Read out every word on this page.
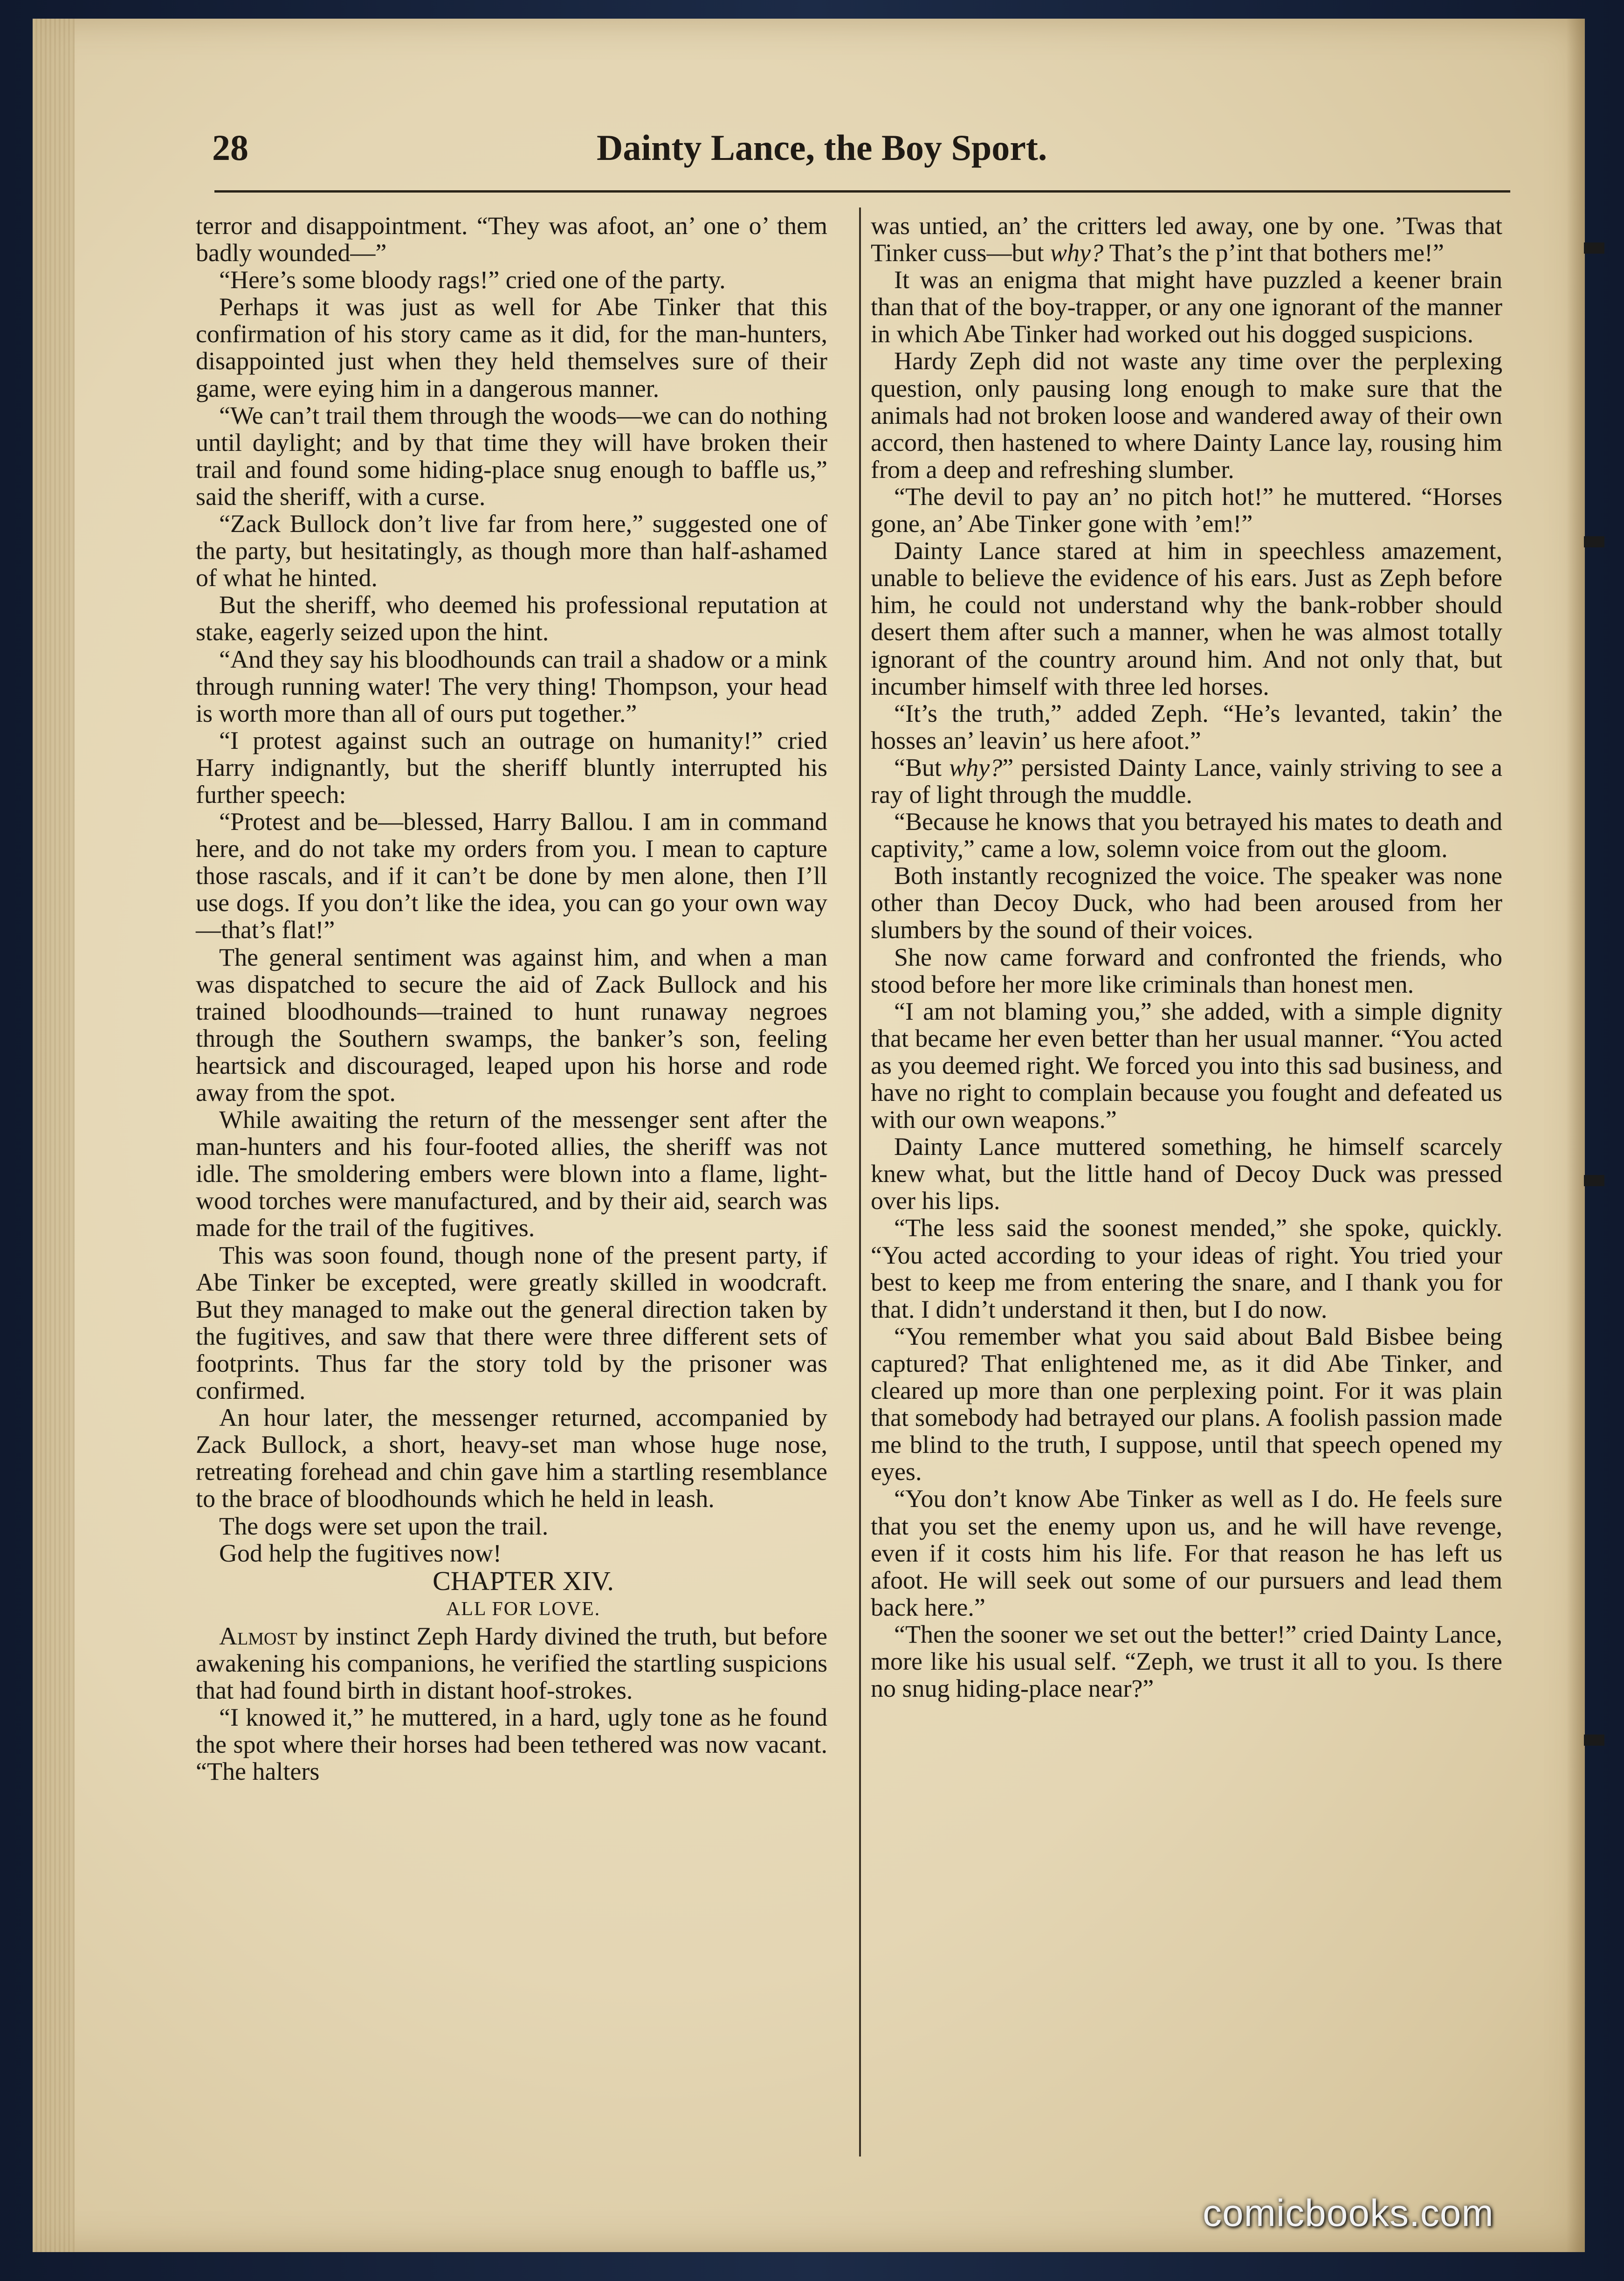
28	Dainty Lance, the Boy Sport.

terror and disappointment. “They was afoot, an’ one o’ them badly wounded—”

“Here’s some bloody rags!” cried one of the party.

Perhaps it was just as well for Abe Tinker that this confirmation of his story came as it did, for the man-hunters, disappointed just when they held themselves sure of their game, were eying him in a dangerous manner.

“We can’t trail them through the woods—we can do nothing until daylight; and by that time they will have broken their trail and found some hiding-place snug enough to baffle us,” said the sheriff, with a curse.

“Zack Bullock don’t live far from here,” suggested one of the party, but hesitatingly, as though more than half-ashamed of what he hinted.

But the sheriff, who deemed his professional reputation at stake, eagerly seized upon the hint.

“And they say his bloodhounds can trail a shadow or a mink through running water! The very thing! Thompson, your head is worth more than all of ours put together.”

“I protest against such an outrage on humanity!” cried Harry indignantly, but the sheriff bluntly interrupted his further speech:

“Protest and be—blessed, Harry Ballou. I am in command here, and do not take my orders from you. I mean to capture those rascals, and if it can’t be done by men alone, then I’ll use dogs. If you don’t like the idea, you can go your own way—that’s flat!”

The general sentiment was against him, and when a man was dispatched to secure the aid of Zack Bullock and his trained bloodhounds—trained to hunt runaway negroes through the Southern swamps, the banker’s son, feeling heartsick and discouraged, leaped upon his horse and rode away from the spot.

While awaiting the return of the messenger sent after the man-hunters and his four-footed allies, the sheriff was not idle. The smoldering embers were blown into a flame, light-wood torches were manufactured, and by their aid, search was made for the trail of the fugitives.

This was soon found, though none of the present party, if Abe Tinker be excepted, were greatly skilled in woodcraft. But they managed to make out the general direction taken by the fugitives, and saw that there were three different sets of footprints. Thus far the story told by the prisoner was confirmed.

An hour later, the messenger returned, accompanied by Zack Bullock, a short, heavy-set man whose huge nose, retreating forehead and chin gave him a startling resemblance to the brace of bloodhounds which he held in leash.

The dogs were set upon the trail.

God help the fugitives now!

CHAPTER XIV.

ALL FOR LOVE.

Almost by instinct Zeph Hardy divined the truth, but before awakening his companions, he verified the startling suspicions that had found birth in distant hoof-strokes.

“I knowed it,” he muttered, in a hard, ugly tone as he found the spot where their horses had been tethered was now vacant. “The halters

was untied, an’ the critters led away, one by one. ’Twas that Tinker cuss—but why? That’s the p’int that bothers me!”

It was an enigma that might have puzzled a keener brain than that of the boy-trapper, or any one ignorant of the manner in which Abe Tinker had worked out his dogged suspicions.

Hardy Zeph did not waste any time over the perplexing question, only pausing long enough to make sure that the animals had not broken loose and wandered away of their own accord, then hastened to where Dainty Lance lay, rousing him from a deep and refreshing slumber.

“The devil to pay an’ no pitch hot!” he muttered. “Horses gone, an’ Abe Tinker gone with ’em!”

Dainty Lance stared at him in speechless amazement, unable to believe the evidence of his ears. Just as Zeph before him, he could not understand why the bank-robber should desert them after such a manner, when he was almost totally ignorant of the country around him. And not only that, but incumber himself with three led horses.

“It’s the truth,” added Zeph. “He’s levanted, takin’ the hosses an’ leavin’ us here afoot.”

“But why?” persisted Dainty Lance, vainly striving to see a ray of light through the muddle.

“Because he knows that you betrayed his mates to death and captivity,” came a low, solemn voice from out the gloom.

Both instantly recognized the voice. The speaker was none other than Decoy Duck, who had been aroused from her slumbers by the sound of their voices.

She now came forward and confronted the friends, who stood before her more like criminals than honest men.

“I am not blaming you,” she added, with a simple dignity that became her even better than her usual manner. “You acted as you deemed right. We forced you into this sad business, and have no right to complain because you fought and defeated us with our own weapons.”

Dainty Lance muttered something, he himself scarcely knew what, but the little hand of Decoy Duck was pressed over his lips.

“The less said the soonest mended,” she spoke, quickly. “You acted according to your ideas of right. You tried your best to keep me from entering the snare, and I thank you for that. I didn’t understand it then, but I do now.

“You remember what you said about Bald Bisbee being captured? That enlightened me, as it did Abe Tinker, and cleared up more than one perplexing point. For it was plain that somebody had betrayed our plans. A foolish passion made me blind to the truth, I suppose, until that speech opened my eyes.

“You don’t know Abe Tinker as well as I do. He feels sure that you set the enemy upon us, and he will have revenge, even if it costs him his life. For that reason he has left us afoot. He will seek out some of our pursuers and lead them back here.”

“Then the sooner we set out the better!” cried Dainty Lance, more like his usual self. “Zeph, we trust it all to you. Is there no snug hiding-place near?”

comicbooks.com
